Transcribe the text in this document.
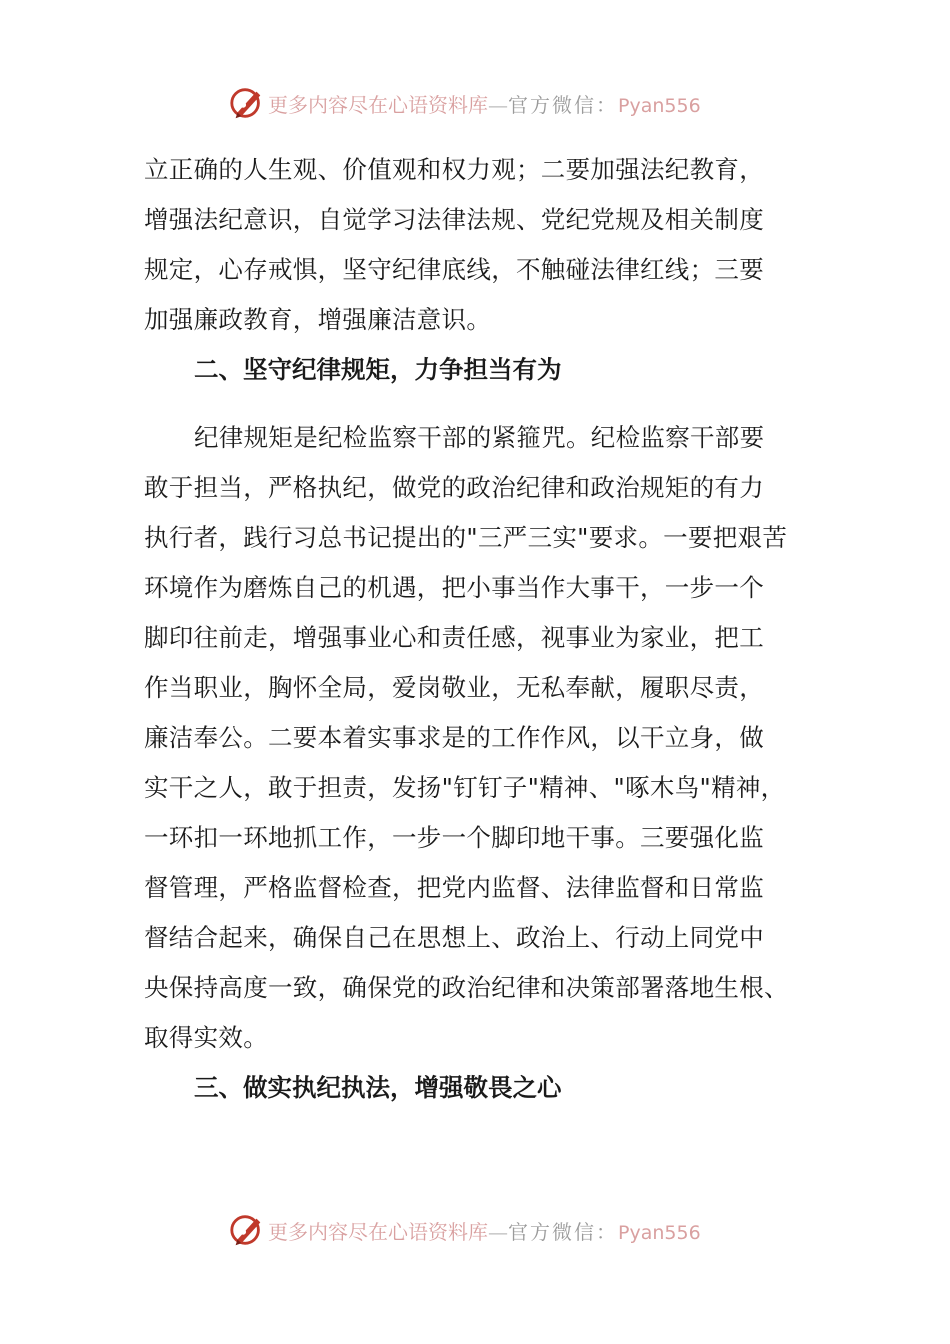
更多内容尽在心语资料库—官方微信：Pyan556
立正确的人生观、价值观和权力观；二要加强法纪教育，
增强法纪意识，自觉学习法律法规、党纪党规及相关制度
规定，心存戒惧，坚守纪律底线，不触碰法律红线；三要
加强廉政教育，增强廉洁意识。
二、坚守纪律规矩，力争担当有为
纪律规矩是纪检监察干部的紧箍咒。纪检监察干部要
敢于担当，严格执纪，做党的政治纪律和政治规矩的有力
执行者，践行习总书记提出的"三严三实"要求。一要把艰苦
环境作为磨炼自己的机遇，把小事当作大事干，一步一个
脚印往前走，增强事业心和责任感，视事业为家业，把工
作当职业，胸怀全局，爱岗敬业，无私奉献，履职尽责，
廉洁奉公。二要本着实事求是的工作作风，以干立身，做
实干之人，敢于担责，发扬"钉钉子"精神、"啄木鸟"精神，
一环扣一环地抓工作，一步一个脚印地干事。三要强化监
督管理，严格监督检查，把党内监督、法律监督和日常监
督结合起来，确保自己在思想上、政治上、行动上同党中
央保持高度一致，确保党的政治纪律和决策部署落地生根、
取得实效。
三、做实执纪执法，增强敬畏之心
更多内容尽在心语资料库—官方微信：Pyan556
